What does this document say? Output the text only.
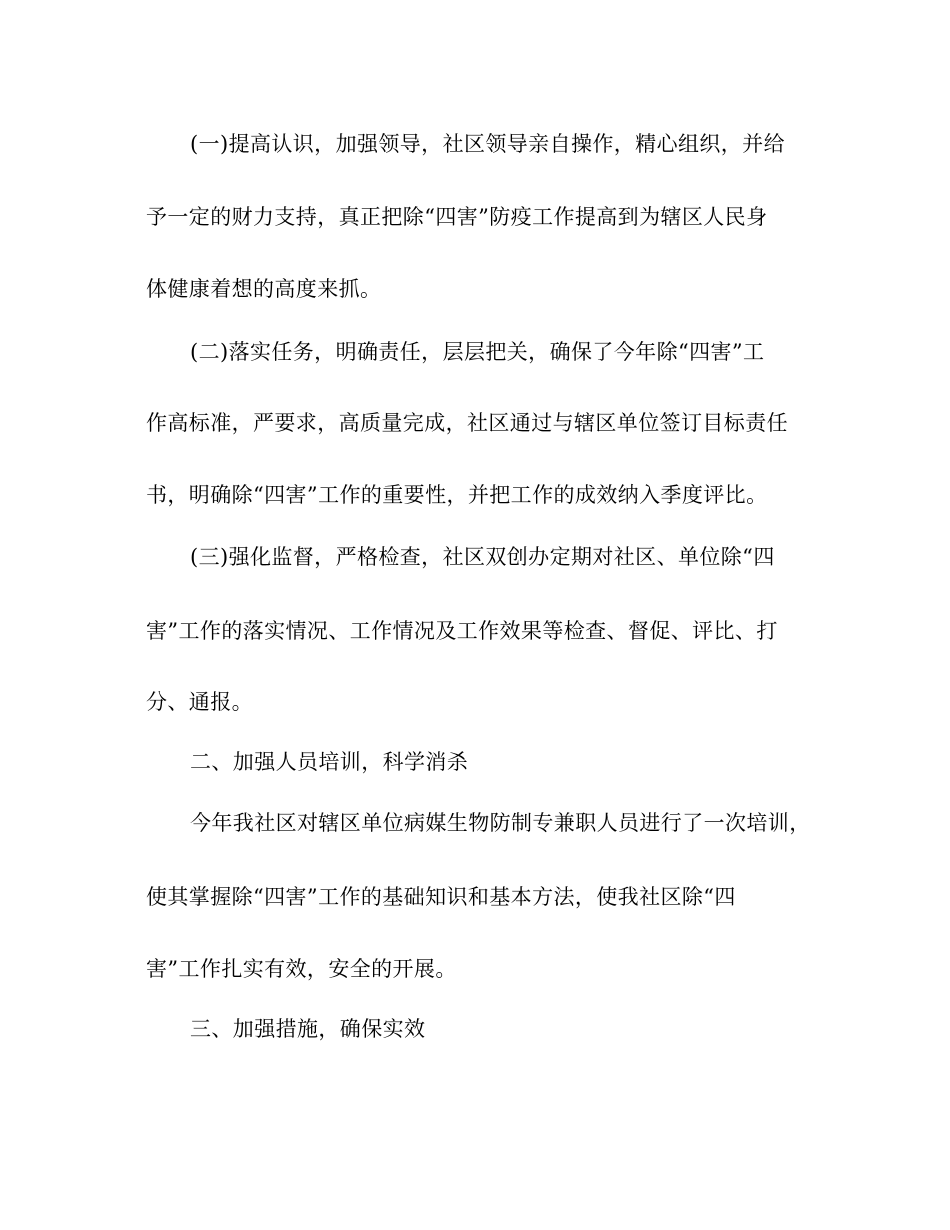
(一)提高认识，加强领导，社区领导亲自操作，精心组织，并给
予一定的财力支持，真正把除“四害”防疫工作提高到为辖区人民身
体健康着想的高度来抓。
(二)落实任务，明确责任，层层把关，确保了今年除“四害”工
作高标准，严要求，高质量完成，社区通过与辖区单位签订目标责任
书，明确除“四害”工作的重要性，并把工作的成效纳入季度评比。
(三)强化监督，严格检查，社区双创办定期对社区、单位除“四
害”工作的落实情况、工作情况及工作效果等检查、督促、评比、打
分、通报。
二、加强人员培训，科学消杀
今年我社区对辖区单位病媒生物防制专兼职人员进行了一次培训，
使其掌握除“四害”工作的基础知识和基本方法，使我社区除“四
害”工作扎实有效，安全的开展。
三、加强措施，确保实效
